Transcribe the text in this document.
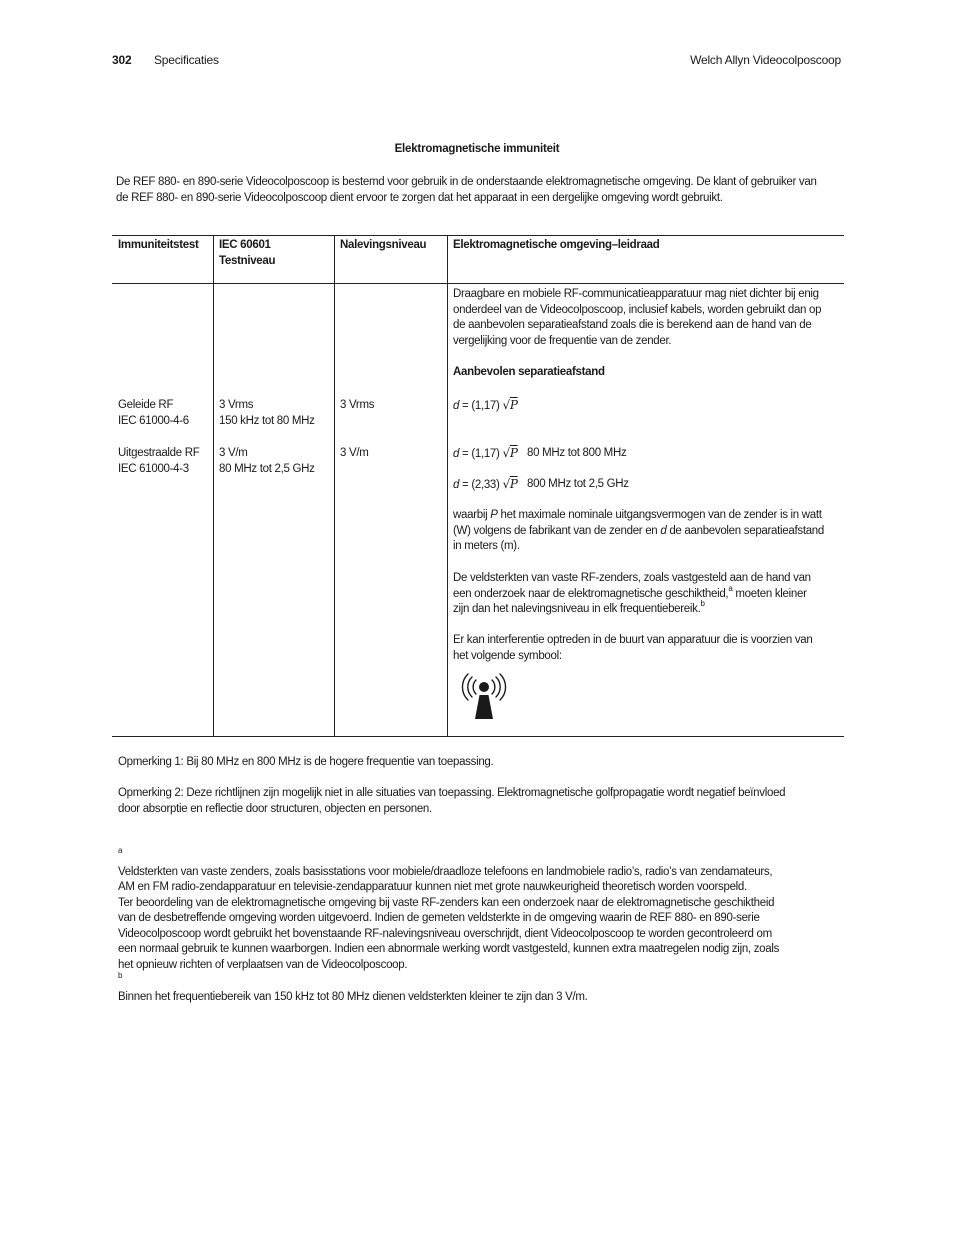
302 Specificaties	Welch Allyn Videocolposcoop
Elektromagnetische immuniteit
De REF 880- en 890-serie Videocolposcoop is bestemd voor gebruik in de onderstaande elektromagnetische omgeving. De klant of gebruiker van
de REF 880- en 890-serie Videocolposcoop dient ervoor te zorgen dat het apparaat in een dergelijke omgeving wordt gebruikt.
Immuniteitstest IEC 60601
Testniveau
Nalevingsniveau Elektromagnetische omgeving–leidraad
Geleide RF
IEC 61000-4-6
3 Vrms
150 kHz tot 80 MHz
3 Vrms
Uitgestraalde RF
IEC 61000-4-3
3 V/m
80 MHz tot 2,5 GHz
3 V/m
Draagbare en mobiele RF-communicatieapparatuur mag niet dichter bij enig
onderdeel van de Videocolposcoop, inclusief kabels, worden gebruikt dan op
de aanbevolen separatieafstand zoals die is berekend aan de hand van de
vergelijking voor de frequentie van de zender.
Aanbevolen separatieafstand
d = (1,17) √P
d = (1,17) √P 80 MHz tot 800 MHz
d = (2,33) √P 800 MHz tot 2,5 GHz
waarbij P het maximale nominale uitgangsvermogen van de zender is in watt
(W) volgens de fabrikant van de zender en d de aanbevolen separatieafstand
in meters (m).
De veldsterkten van vaste RF-zenders, zoals vastgesteld aan de hand van
een onderzoek naar de elektromagnetische geschiktheid,$^a$ moeten kleiner
zijn dan het nalevingsniveau in elk frequentiebereik.$^b$
Er kan interferentie optreden in de buurt van apparatuur die is voorzien van
het volgende symbool:
Opmerking 1: Bij 80 MHz en 800 MHz is de hogere frequentie van toepassing.
Opmerking 2: Deze richtlijnen zijn mogelijk niet in alle situaties van toepassing. Elektromagnetische golfpropagatie wordt negatief beïnvloed
door absorptie en reflectie door structuren, objecten en personen.
$^a$
Veldsterkten van vaste zenders, zoals basisstations voor mobiele/draadloze telefoons en landmobiele radio’s, radio’s van zendamateurs,
AM en FM radio-zendapparatuur en televisie-zendapparatuur kunnen niet met grote nauwkeurigheid theoretisch worden voorspeld.
Ter beoordeling van de elektromagnetische omgeving bij vaste RF-zenders kan een onderzoek naar de elektromagnetische geschiktheid
van de desbetreffende omgeving worden uitgevoerd. Indien de gemeten veldsterkte in de omgeving waarin de REF 880- en 890-serie
Videocolposcoop wordt gebruikt het bovenstaande RF-nalevingsniveau overschrijdt, dient Videocolposcoop te worden gecontroleerd om
een normaal gebruik te kunnen waarborgen. Indien een abnormale werking wordt vastgesteld, kunnen extra maatregelen nodig zijn, zoals
het opnieuw richten of verplaatsen van de Videocolposcoop.
$^b$
Binnen het frequentiebereik van 150 kHz tot 80 MHz dienen veldsterkten kleiner te zijn dan 3 V/m.
